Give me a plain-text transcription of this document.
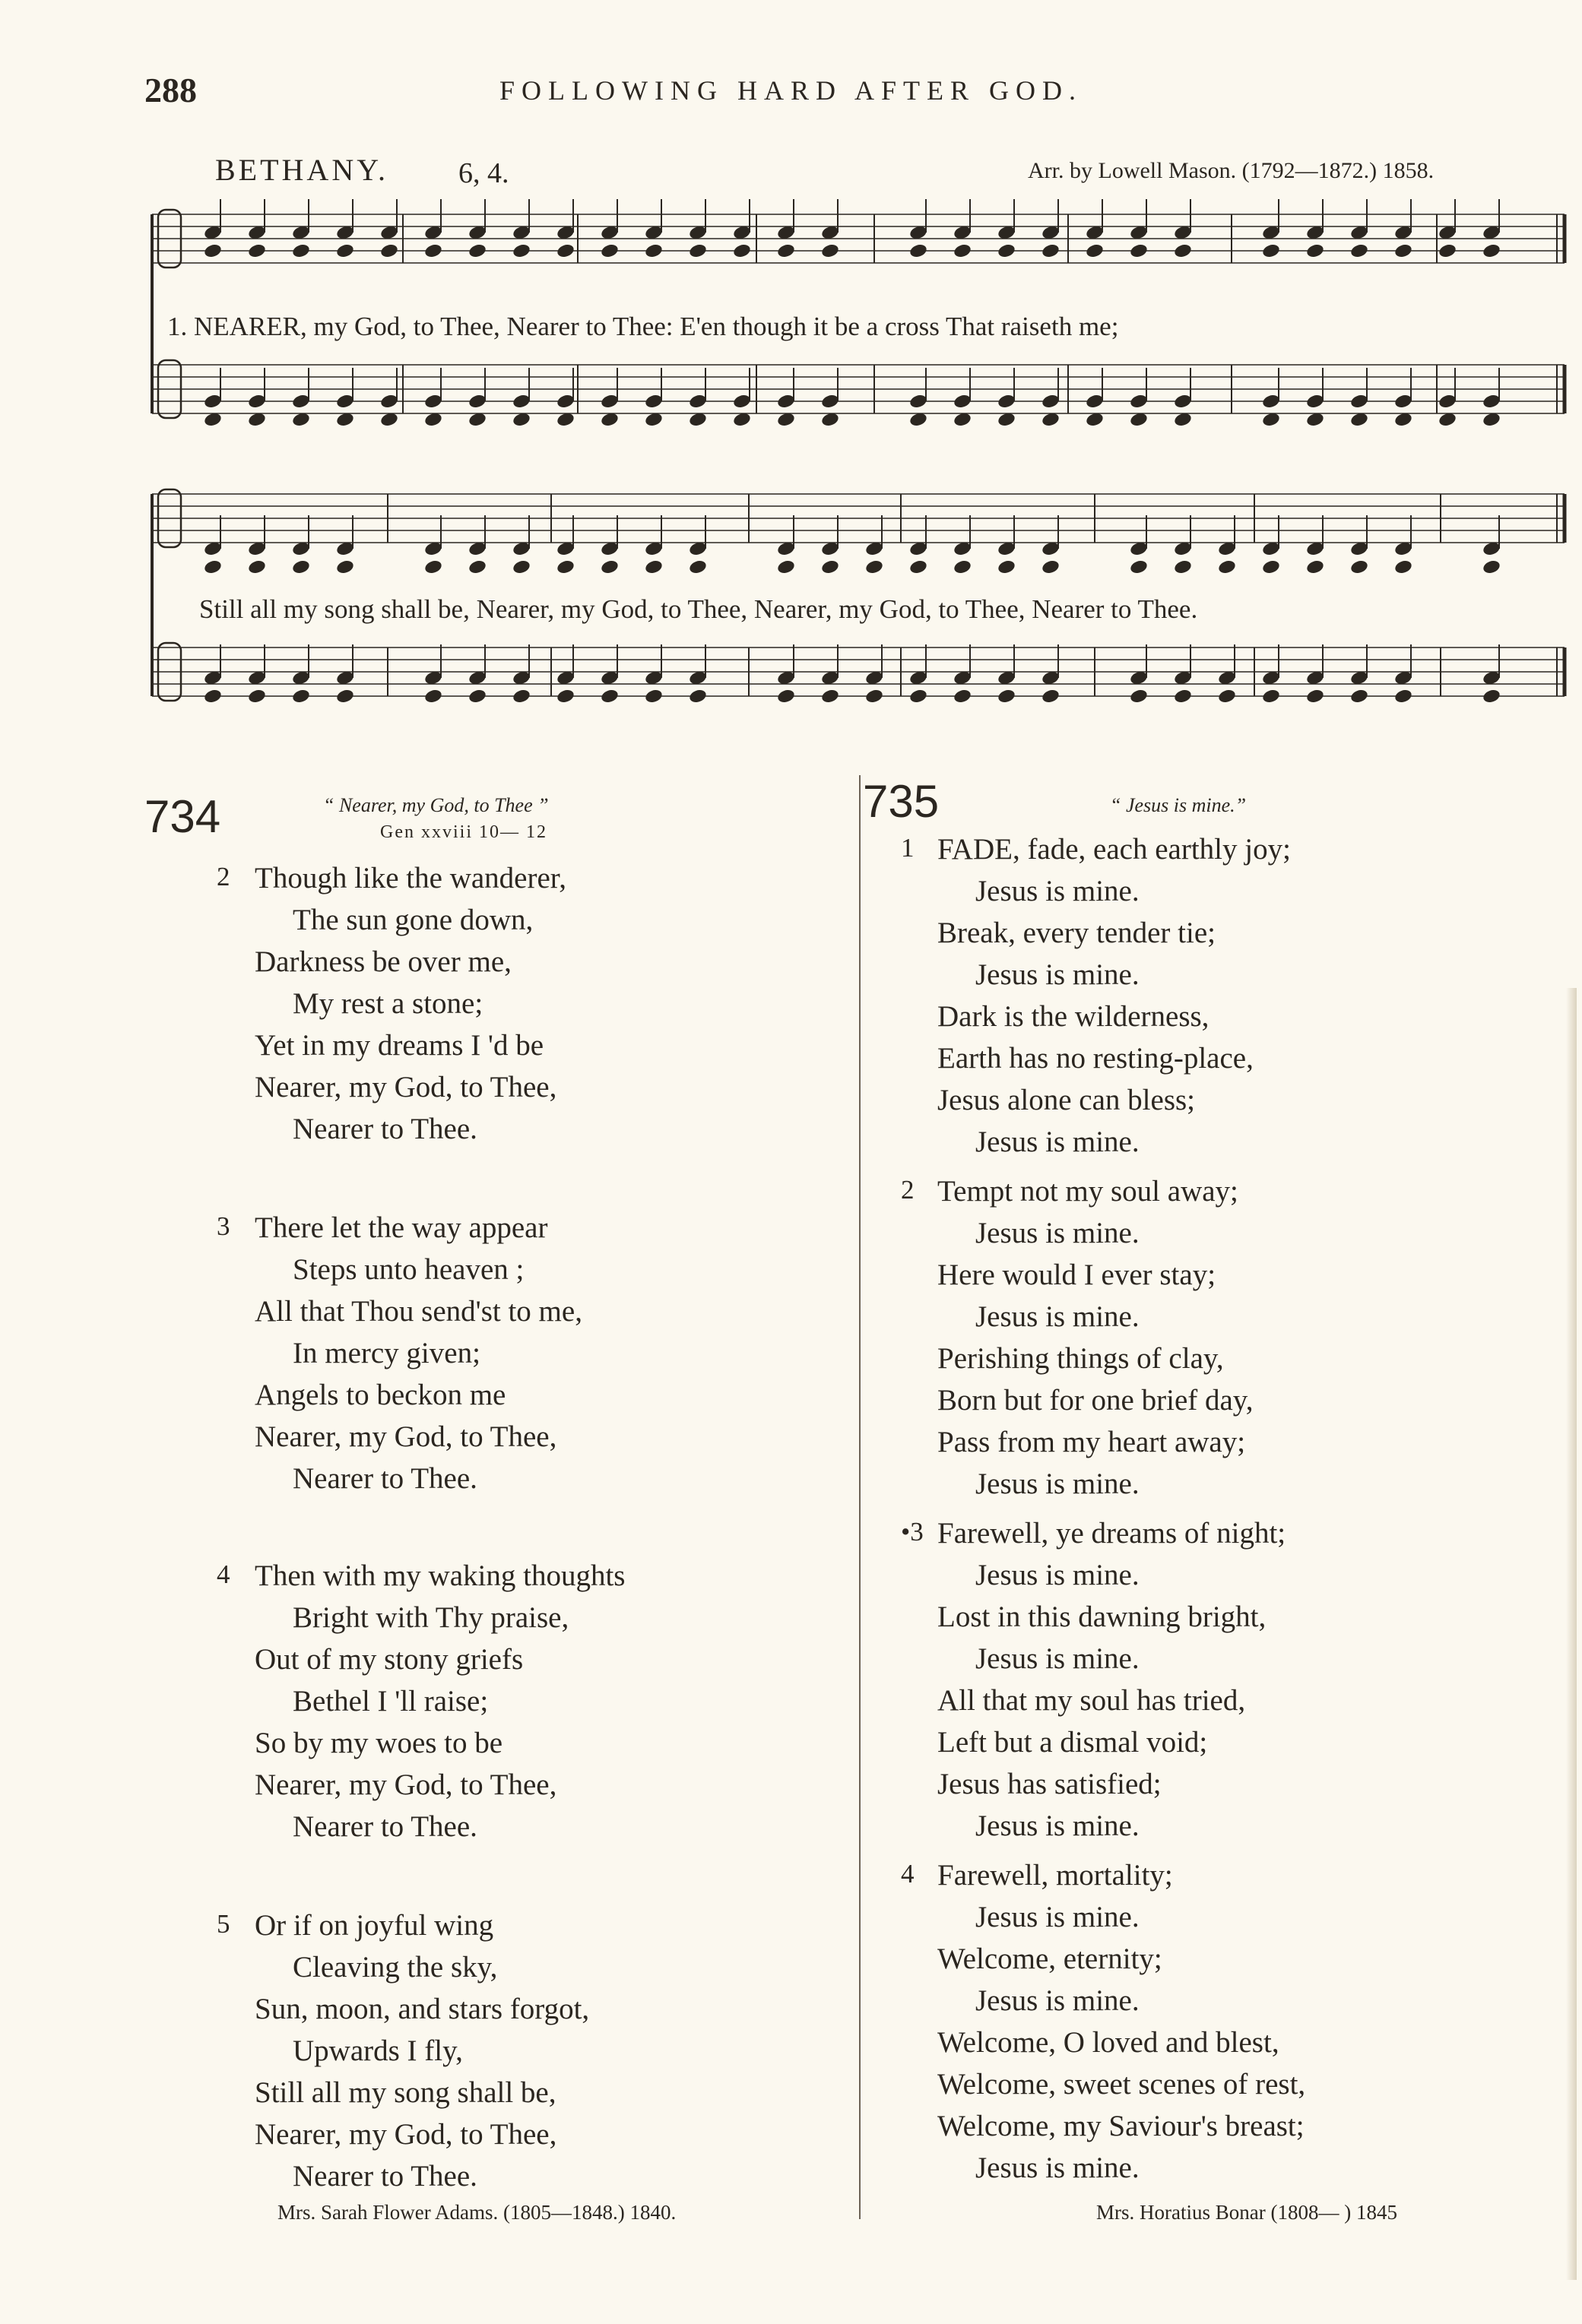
288	FOLLOWING HARD AFTER GOD.
BETHANY. 6, 4.	Arr. by Lowell Mason. (1792—1872.) 1858.
1. NEARER, my God, to Thee, Nearer to Thee: E'en though it be a cross That raiseth me;
Still all my song shall be, Nearer, my God, to Thee, Nearer, my God, to Thee, Nearer to Thee.
734	“ Nearer, my God, to Thee ”
Gen xxviii 10— 12
2 Though like the wanderer,
The sun gone down,
Darkness be over me,
My rest a stone;
Yet in my dreams I 'd be
Nearer, my God, to Thee,
Nearer to Thee.
3 There let the way appear
Steps unto heaven ;
All that Thou send'st to me,
In mercy given;
Angels to beckon me
Nearer, my God, to Thee,
Nearer to Thee.
4 Then with my waking thoughts
Bright with Thy praise,
Out of my stony griefs
Bethel I 'll raise;
So by my woes to be
Nearer, my God, to Thee,
Nearer to Thee.
5 Or if on joyful wing
Cleaving the sky,
Sun, moon, and stars forgot,
Upwards I fly,
Still all my song shall be,
Nearer, my God, to Thee,
Nearer to Thee.
Mrs. Sarah Flower Adams. (1805—1848.) 1840.
735	“ Jesus is mine.”
1 FADE, fade, each earthly joy;
Jesus is mine.
Break, every tender tie;
Jesus is mine.
Dark is the wilderness,
Earth has no resting-place,
Jesus alone can bless;
Jesus is mine.
2 Tempt not my soul away;
Jesus is mine.
Here would I ever stay;
Jesus is mine.
Perishing things of clay,
Born but for one brief day,
Pass from my heart away;
Jesus is mine.
•3 Farewell, ye dreams of night;
Jesus is mine.
Lost in this dawning bright,
Jesus is mine.
All that my soul has tried,
Left but a dismal void;
Jesus has satisfied;
Jesus is mine.
4 Farewell, mortality;
Jesus is mine.
Welcome, eternity;
Jesus is mine.
Welcome, O loved and blest,
Welcome, sweet scenes of rest,
Welcome, my Saviour's breast;
Jesus is mine.
Mrs. Horatius Bonar (1808— ) 1845
